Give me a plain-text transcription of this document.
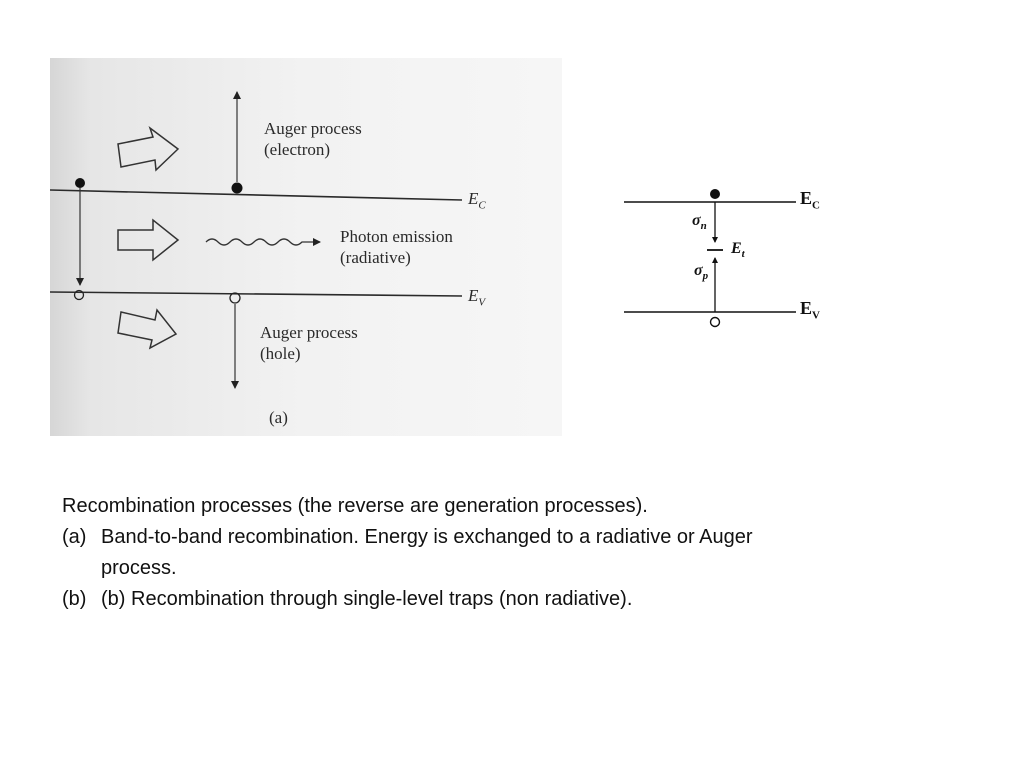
Auger process
(electron)
$E_C$
Photon emission
(radiative)
$E_V$
Auger process
(hole)
(a)
$E_C$
$E_V$
$E_t$
$\sigma_n$
$\sigma_p$
Recombination processes (the reverse are generation processes).
(a) Band-to-band recombination. Energy is exchanged to a radiative or Auger process.
(b) (b) Recombination through single-level traps (non radiative).
